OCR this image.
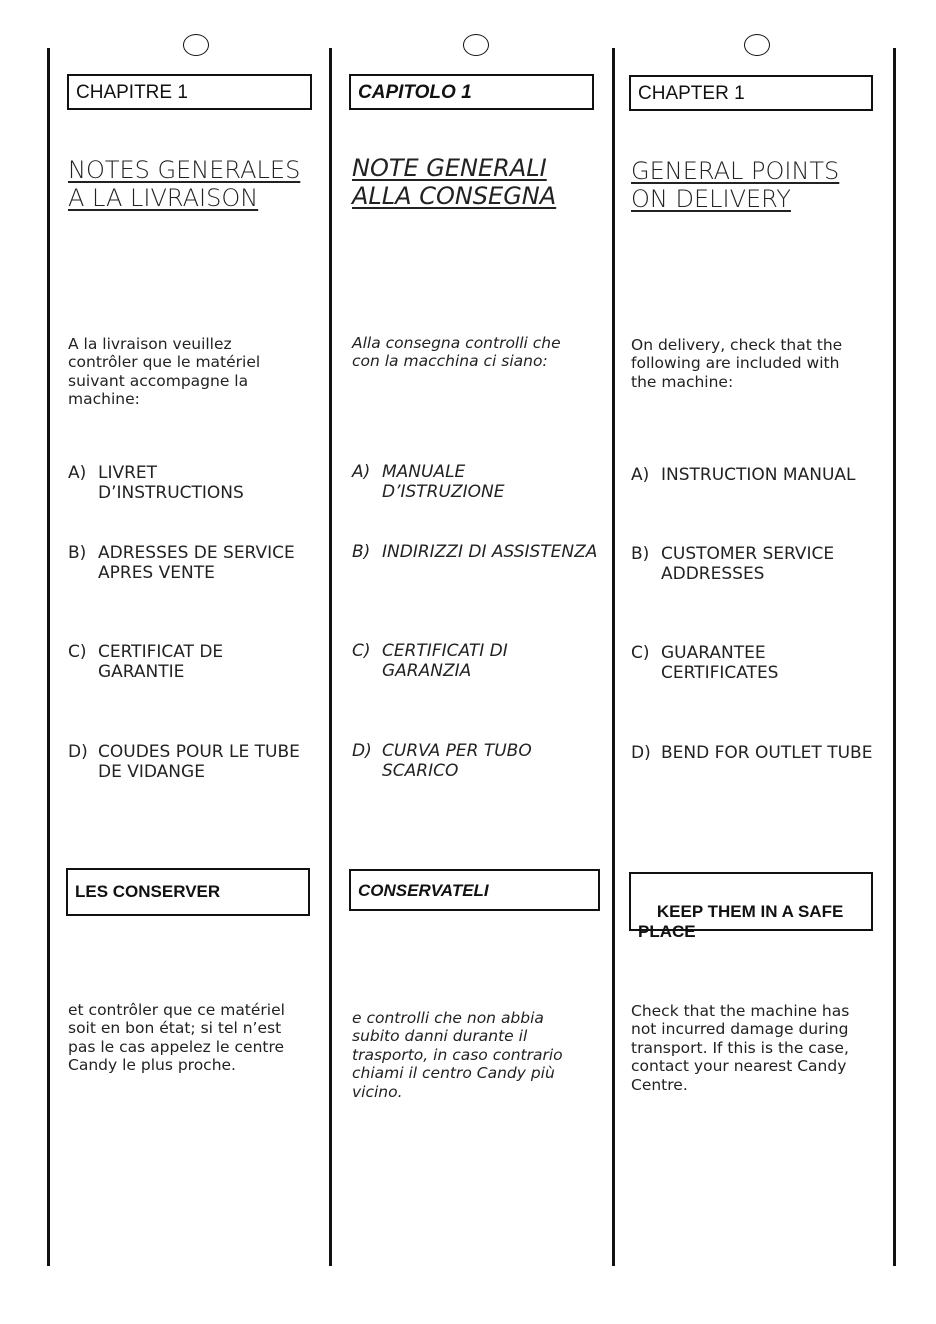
CHAPITRE 1
NOTES GENERALES
A LA LIVRAISON
A la livraison veuillez
contrôler que le matériel
suivant accompagne la
machine:
A) LIVRET
D’INSTRUCTIONS
B) ADRESSES DE SERVICE
APRES VENTE
C) CERTIFICAT DE
GARANTIE
D) COUDES POUR LE TUBE
DE VIDANGE
LES CONSERVER
et contrôler que ce matériel
soit en bon état; si tel n’est
pas le cas appelez le centre
Candy le plus proche.
CAPITOLO 1
NOTE GENERALI
ALLA CONSEGNA
Alla consegna controlli che
con la macchina ci siano:
A) MANUALE
D’ISTRUZIONE
B) INDIRIZZI DI ASSISTENZA
C) CERTIFICATI DI
GARANZIA
D) CURVA PER TUBO
SCARICO
CONSERVATELI
e controlli che non abbia
subito danni durante il
trasporto, in caso contrario
chiami il centro Candy più
vicino.
CHAPTER 1
GENERAL POINTS
ON DELIVERY
On delivery, check that the
following are included with
the machine:
A) INSTRUCTION MANUAL
B) CUSTOMER SERVICE
ADDRESSES
C) GUARANTEE
CERTIFICATES
D) BEND FOR OUTLET TUBE

KEEP THEM IN A SAFE
PLACE

Check that the machine has
not incurred damage during
transport. If this is the case,
contact your nearest Candy
Centre.
